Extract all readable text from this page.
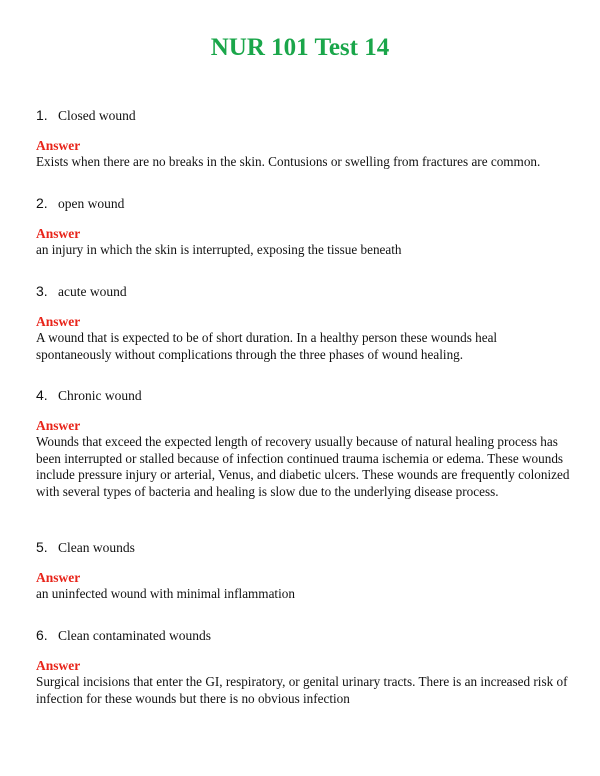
NUR 101 Test 14
1. Closed wound
Answer
Exists when there are no breaks in the skin. Contusions or swelling from fractures are common.
2. open wound
Answer
an injury in which the skin is interrupted, exposing the tissue beneath
3. acute wound
Answer
A wound that is expected to be of short duration. In a healthy person these wounds heal spontaneously without complications through the three phases of wound healing.
4. Chronic wound
Answer
Wounds that exceed the expected length of recovery usually because of natural healing process has been interrupted or stalled because of infection continued trauma ischemia or edema. These wounds include pressure injury or arterial, Venus, and diabetic ulcers. These wounds are frequently colonized with several types of bacteria and healing is slow due to the underlying disease process.
5. Clean wounds
Answer
an uninfected wound with minimal inflammation
6. Clean contaminated wounds
Answer
Surgical incisions that enter the GI, respiratory, or genital urinary tracts. There is an increased risk of infection for these wounds but there is no obvious infection
